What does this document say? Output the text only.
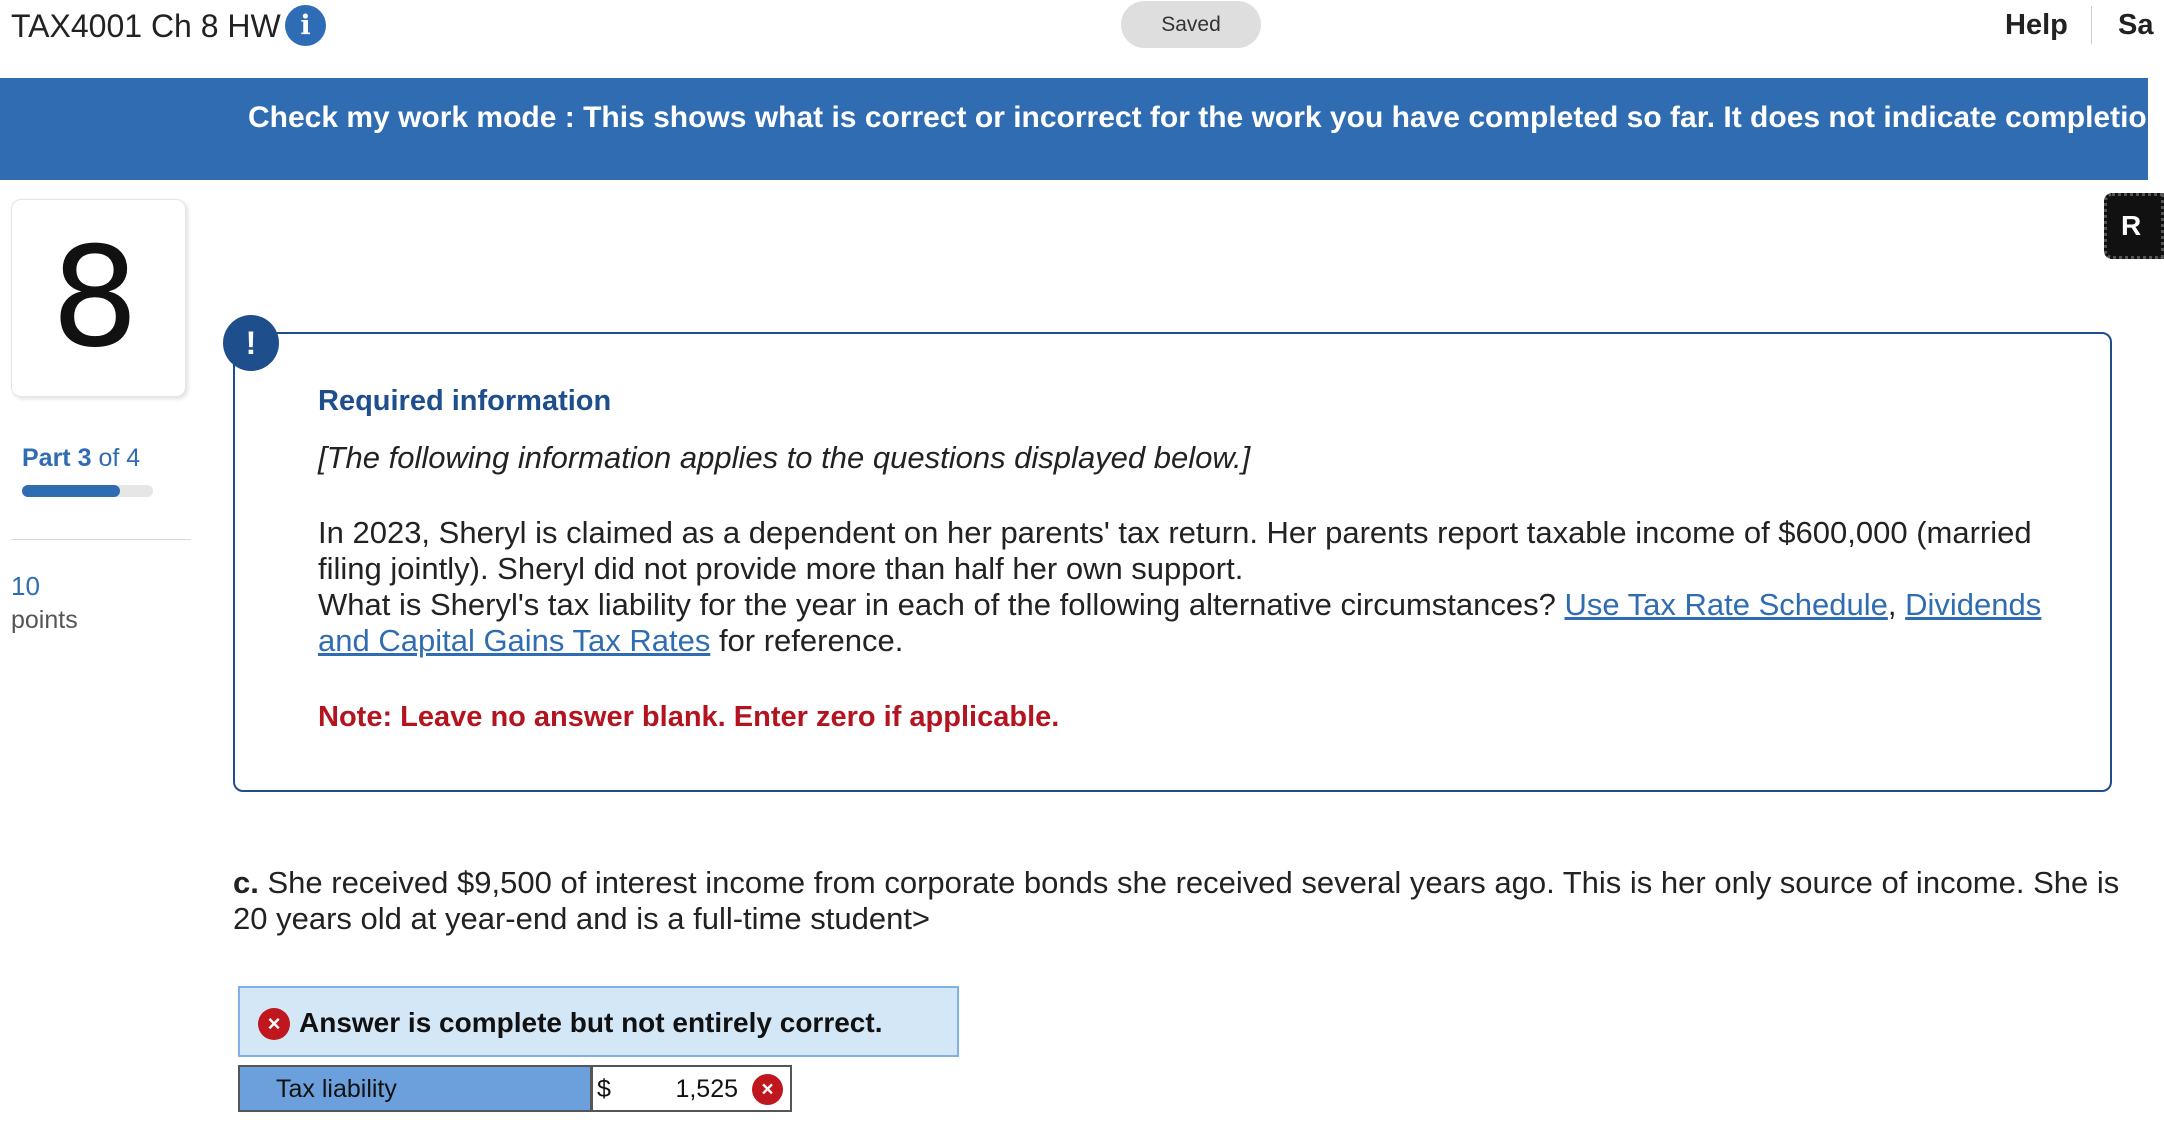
TAX4001 Ch 8 HW i	Saved	Help Sa
Check my work mode : This shows what is correct or incorrect for the work you have completed so far. It does not indicate completio
R
8
Part 3 of 4
10
points
!
Required information
[The following information applies to the questions displayed below.]
In 2023, Sheryl is claimed as a dependent on her parents' tax return. Her parents report taxable income of $600,000 (married filing jointly). Sheryl did not provide more than half her own support.
What is Sheryl's tax liability for the year in each of the following alternative circumstances? Use Tax Rate Schedule, Dividends and Capital Gains Tax Rates for reference.
Note: Leave no answer blank. Enter zero if applicable.
c. She received $9,500 of interest income from corporate bonds she received several years ago. This is her only source of income. She is 20 years old at year-end and is a full-time student>
× Answer is complete but not entirely correct.
Tax liability	$	1,525	×
